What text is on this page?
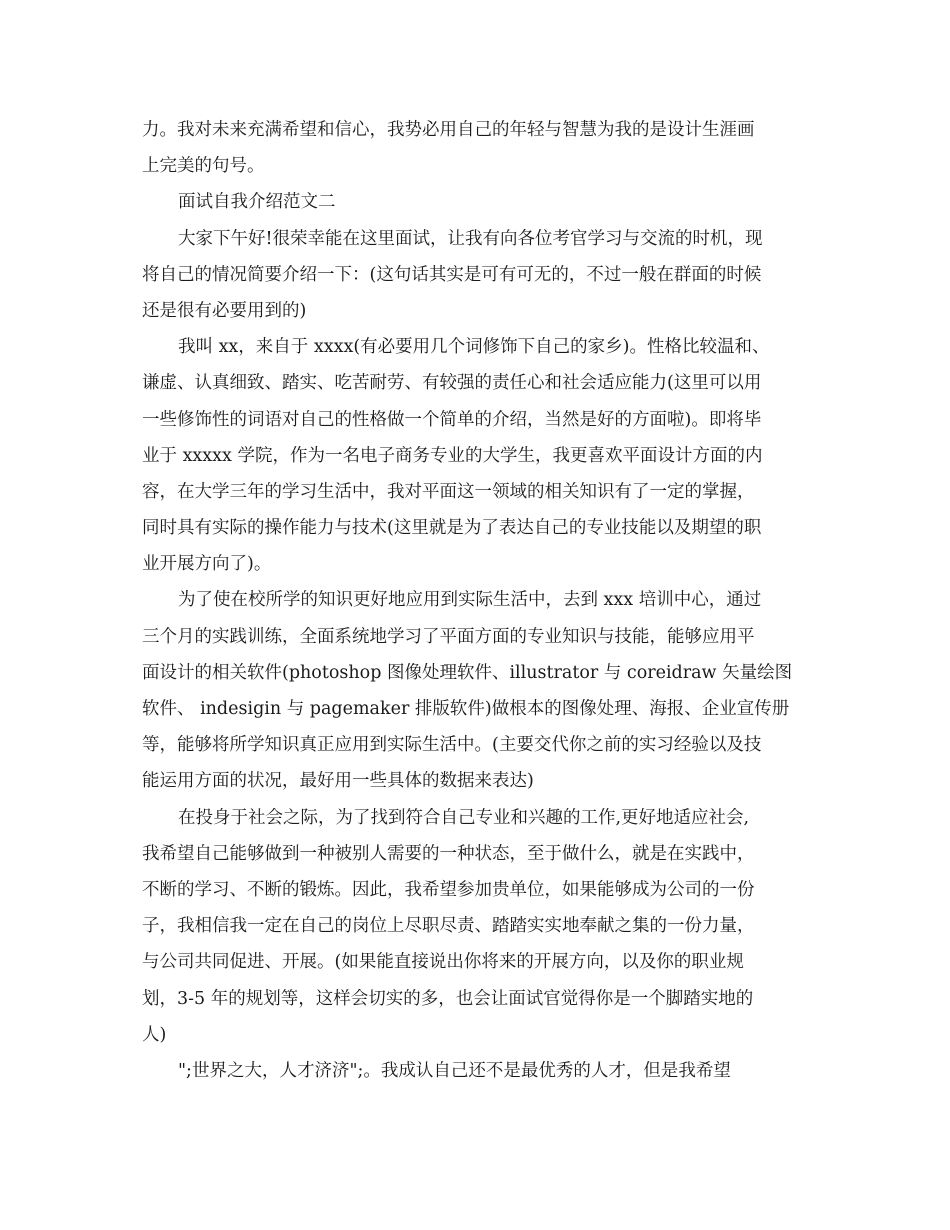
力。我对未来充满希望和信心，我势必用自己的年轻与智慧为我的是设计生涯画
上完美的句号。
面试自我介绍范文二
大家下午好!很荣幸能在这里面试，让我有向各位考官学习与交流的时机，现
将自己的情况简要介绍一下：(这句话其实是可有可无的，不过一般在群面的时候
还是很有必要用到的)
我叫 xx，来自于 xxxx(有必要用几个词修饰下自己的家乡)。性格比较温和、
谦虚、认真细致、踏实、吃苦耐劳、有较强的责任心和社会适应能力(这里可以用
一些修饰性的词语对自己的性格做一个简单的介绍，当然是好的方面啦)。即将毕
业于 xxxxx 学院，作为一名电子商务专业的大学生，我更喜欢平面设计方面的内
容，在大学三年的学习生活中，我对平面这一领域的相关知识有了一定的掌握，
同时具有实际的操作能力与技术(这里就是为了表达自己的专业技能以及期望的职
业开展方向了)。
为了使在校所学的知识更好地应用到实际生活中，去到 xxx 培训中心，通过
三个月的实践训练，全面系统地学习了平面方面的专业知识与技能，能够应用平
面设计的相关软件(photoshop 图像处理软件、illustrator 与 coreidraw 矢量绘图
软件、 indesigin 与 pagemaker 排版软件)做根本的图像处理、海报、企业宣传册
等，能够将所学知识真正应用到实际生活中。(主要交代你之前的实习经验以及技
能运用方面的状况，最好用一些具体的数据来表达)
在投身于社会之际，为了找到符合自己专业和兴趣的工作,更好地适应社会,
我希望自己能够做到一种被别人需要的一种状态，至于做什么，就是在实践中，
不断的学习、不断的锻炼。因此，我希望参加贵单位，如果能够成为公司的一份
子，我相信我一定在自己的岗位上尽职尽责、踏踏实实地奉献之集的一份力量，
与公司共同促进、开展。(如果能直接说出你将来的开展方向，以及你的职业规
划，3-5 年的规划等，这样会切实的多，也会让面试官觉得你是一个脚踏实地的
人)
";世界之大，人才济济";。我成认自己还不是最优秀的人才，但是我希望
